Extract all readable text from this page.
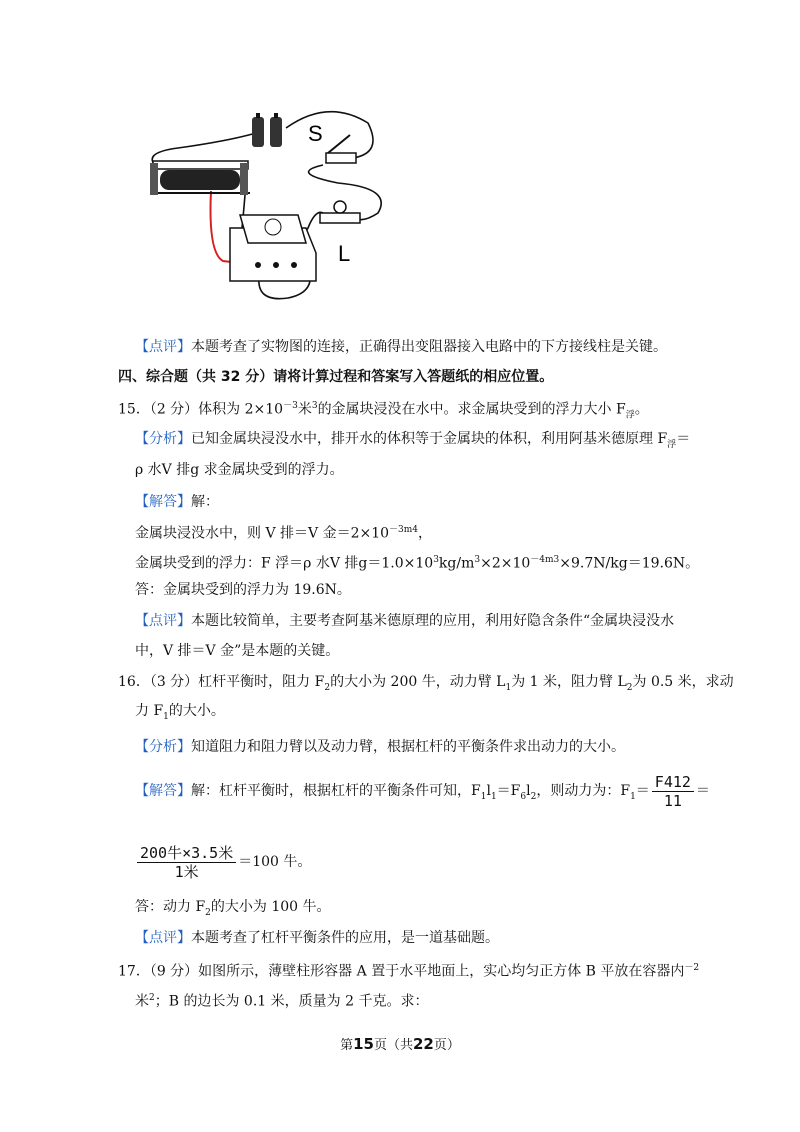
S
L
【点评】本题考查了实物图的连接，正确得出变阻器接入电路中的下方接线柱是关键。
四、综合题（共 32 分）请将计算过程和答案写入答题纸的相应位置。
15．（2 分）体积为 $2\times 10^{-3}$米$^3$的金属块浸没在水中。求金属块受到的浮力大小 $F_浮$。
【分析】已知金属块浸没水中，排开水的体积等于金属块的体积，利用阿基米德原理 $F_浮=$
ρ 水V 排g 求金属块受到的浮力。
【解答】解：
金属块浸没水中，则 V 排＝V 金$=2\times 10^{-3m4}$，
金属块受到的浮力：F 浮＝ρ 水V 排$g=1.0\times 10^3kg/m^3\times 2\times 10^{-4m3}\times 9.7N/kg=19.6N$。
答：金属块受到的浮力为 19.6N。
【点评】本题比较简单，主要考查阿基米德原理的应用，利用好隐含条件“金属块浸没水
中，V 排＝V 金”是本题的关键。
16．（3 分）杠杆平衡时，阻力 $F_2$的大小为 200 牛，动力臂 $L_1$为 1 米，阻力臂 $L_2$为 0.5 米，求动
力 $F_1$的大小。
【分析】知道阻力和阻力臂以及动力臂，根据杠杆的平衡条件求出动力的大小。
【解答】解：杠杆平衡时，根据杠杆的平衡条件可知，$F_1l_1=F_6l_2$，则动力为：$F_1= \frac{F412}{11}$ ＝
$\frac{\text{200牛×3.5米}}{\text{1米}} =100$ 牛。
答：动力 $F_2$的大小为 100 牛。
【点评】本题考查了杠杆平衡条件的应用，是一道基础题。
17．（9 分）如图所示，薄壁柱形容器 A 置于水平地面上，实心均匀正方体 B 平放在容器内$^{-2}$
米$^2$；B 的边长为 0.1 米，质量为 2 千克。求：
第15页（共22页）
